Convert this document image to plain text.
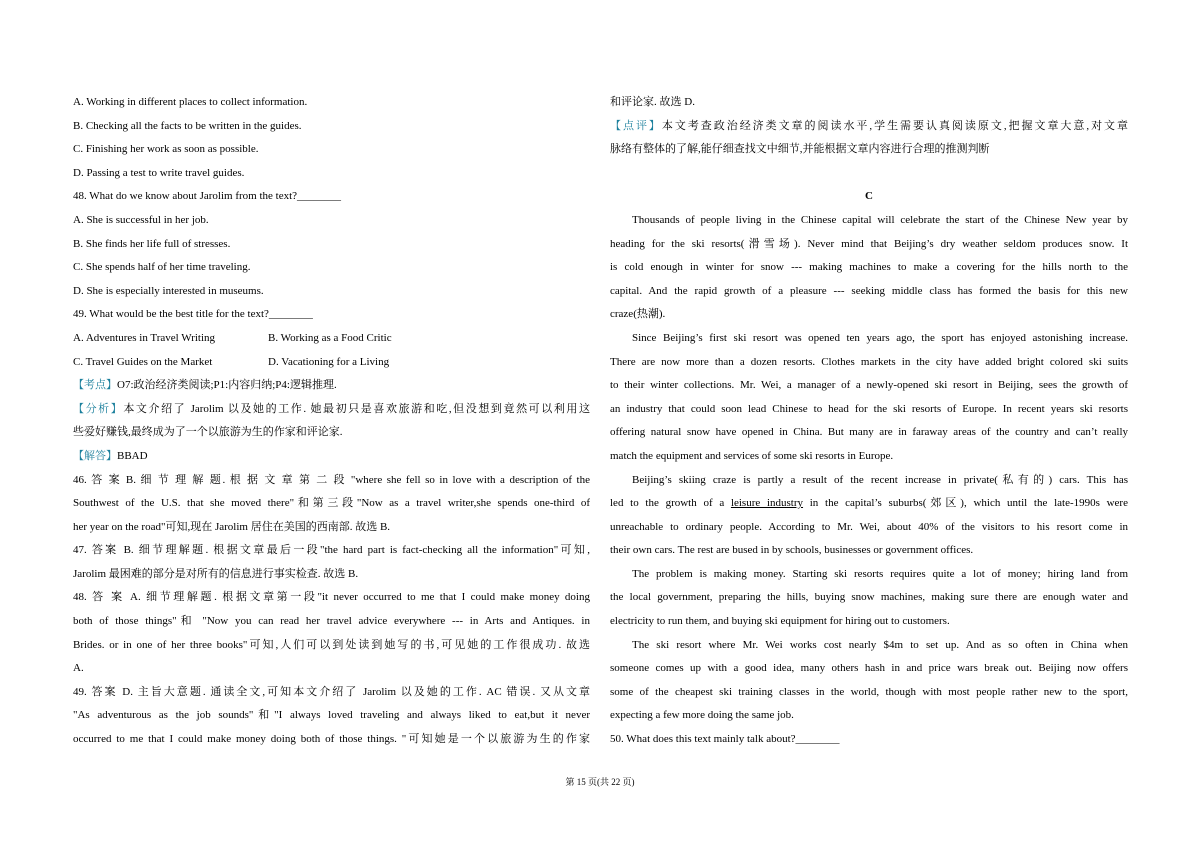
A. Working in different places to collect information.
B. Checking all the facts to be written in the guides.
C. Finishing her work as soon as possible.
D. Passing a test to write travel guides.
48. What do we know about Jarolim from the text?________
A. She is successful in her job.
B. She finds her life full of stresses.
C. She spends half of her time traveling.
D. She is especially interested in museums.
49. What would be the best title for the text?________
A. Adventures in Travel Writing	B. Working as a Food Critic
C. Travel Guides on the Market	D. Vacationing for a Living
【考点】O7:政治经济类阅读;P1:内容归纳;P4:逻辑推理.
【分析】本文介绍了 Jarolim 以及她的工作. 她最初只是喜欢旅游和吃,但没想到竟然可以利用这
些爱好赚钱,最终成为了一个以旅游为生的作家和评论家.
【解答】BBAD
46. 答 案 B. 细 节 理 解 题. 根 据 文 章 第 二 段 "where she fell so in love with a description of the
Southwest of the U.S. that she moved there"和第三段"Now as a travel writer,she spends one-third of
her year on the road"可知,现在 Jarolim 居住在美国的西南部. 故选 B.
47. 答案 B. 细节理解题. 根据文章最后一段"the hard part is fact-checking all the information"可知,
Jarolim 最困难的部分是对所有的信息进行事实检查. 故选 B.
48. 答 案 A. 细节理解题. 根据文章第一段"it never occurred to me that I could make money doing
both of those things"和 "Now you can read her travel advice everywhere --- in Arts and Antiques. in
Brides. or in one of her three books"可知,人们可以到处读到她写的书,可见她的工作很成功. 故选
A.
49. 答案 D. 主旨大意题. 通读全文,可知本文介绍了 Jarolim 以及她的工作. AC 错误. 又从文章
"As adventurous as the job sounds"和"I always loved traveling and always liked to eat,but it never
occurred to me that I could make money doing both of those things. "可知她是一个以旅游为生的作家
和评论家. 故选 D.
【点评】本文考查政治经济类文章的阅读水平,学生需要认真阅读原文,把握文章大意,对文章
脉络有整体的了解,能仔细查找文中细节,并能根据文章内容进行合理的推测判断
C
Thousands of people living in the Chinese capital will celebrate the start of the Chinese New year by
heading for the ski resorts(滑雪场). Never mind that Beijing’s dry weather seldom produces snow. It
is cold enough in winter for snow --- making machines to make a covering for the hills north to the
capital. And the rapid growth of a pleasure --- seeking middle class has formed the basis for this new
craze(热潮).
Since Beijing’s first ski resort was opened ten years ago, the sport has enjoyed astonishing increase.
There are now more than a dozen resorts. Clothes markets in the city have added bright colored ski suits
to their winter collections. Mr. Wei, a manager of a newly-opened ski resort in Beijing, sees the growth of
an industry that could soon lead Chinese to head for the ski resorts of Europe. In recent years ski resorts
offering natural snow have opened in China. But many are in faraway areas of the country and can’t really
match the equipment and services of some ski resorts in Europe.
Beijing’s skiing craze is partly a result of the recent increase in private(私有的) cars. This has
led to the growth of a leisure industry in the capital’s suburbs(郊区), which until the late-1990s were
unreachable to ordinary people. According to Mr. Wei, about 40% of the visitors to his resort come in
their own cars. The rest are bused in by schools, businesses or government offices.
The problem is making money. Starting ski resorts requires quite a lot of money; hiring land from
the local government, preparing the hills, buying snow machines, making sure there are enough water and
electricity to run them, and buying ski equipment for hiring out to customers.
The ski resort where Mr. Wei works cost nearly $4m to set up. And as so often in China when
someone comes up with a good idea, many others hash in and price wars break out. Beijing now offers
some of the cheapest ski training classes in the world, though with most people rather new to the sport,
expecting a few more doing the same job.
50. What does this text mainly talk about?________
第 15 页(共 22 页)
